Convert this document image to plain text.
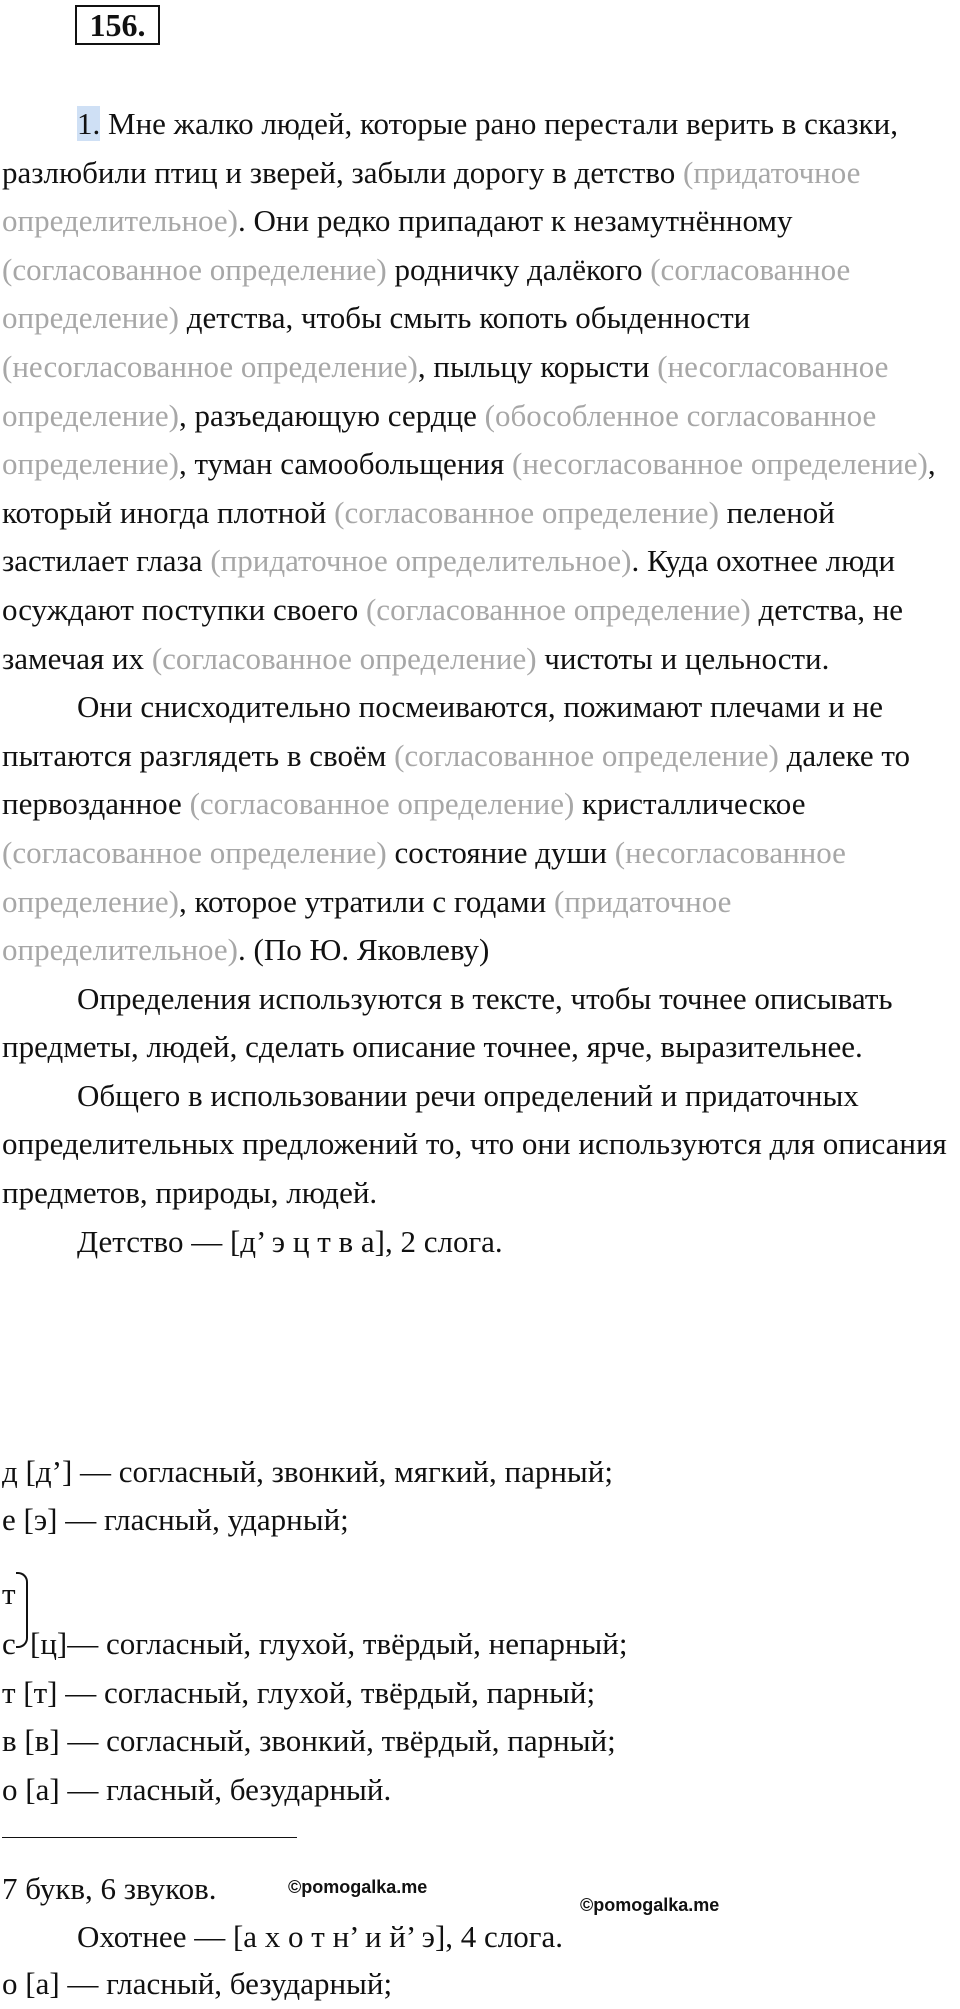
156.

1. Мне жалко людей, которые рано перестали верить в сказки, разлюбили птиц и зверей, забыли дорогу в детство (придаточное определительное). Они редко припадают к незамутнённому (согласованное определение) родничку далёкого (согласованное определение) детства, чтобы смыть копоть обыденности (несогласованное определение), пыльцу корысти (несогласованное определение), разъедающую сердце (обособленное согласованное определение), туман самообольщения (несогласованное определение), который иногда плотной (согласованное определение) пеленой застилает глаза (придаточное определительное). Куда охотнее люди осуждают поступки своего (согласованное определение) детства, не замечая их (согласованное определение) чистоты и цельности.

Они снисходительно посмеиваются, пожимают плечами и не пытаются разглядеть в своём (согласованное определение) далеке то первозданное (согласованное определение) кристаллическое (согласованное определение) состояние души (несогласованное определение), которое утратили с годами (придаточное определительное). (По Ю. Яковлеву)

Определения используются в тексте, чтобы точнее описывать предметы, людей, сделать описание точнее, ярче, выразительнее.

Общего в использовании речи определений и придаточных определительных предложений то, что они используются для описания предметов, природы, людей.

Детство — [д’ э ц т в а], 2 слога.

д [д’] — согласный, звонкий, мягкий, парный;
е [э] — гласный, ударный;
т
с [ц]— согласный, глухой, твёрдый, непарный;
т [т] — согласный, глухой, твёрдый, парный;
в [в] — согласный, звонкий, твёрдый, парный;
о [а] — гласный, безударный.
7 букв, 6 звуков.	©pomogalka.me
©pomogalka.me
Охотнее — [а х о т н’ и й’ э], 4 слога.
о [а] — гласный, безударный;
